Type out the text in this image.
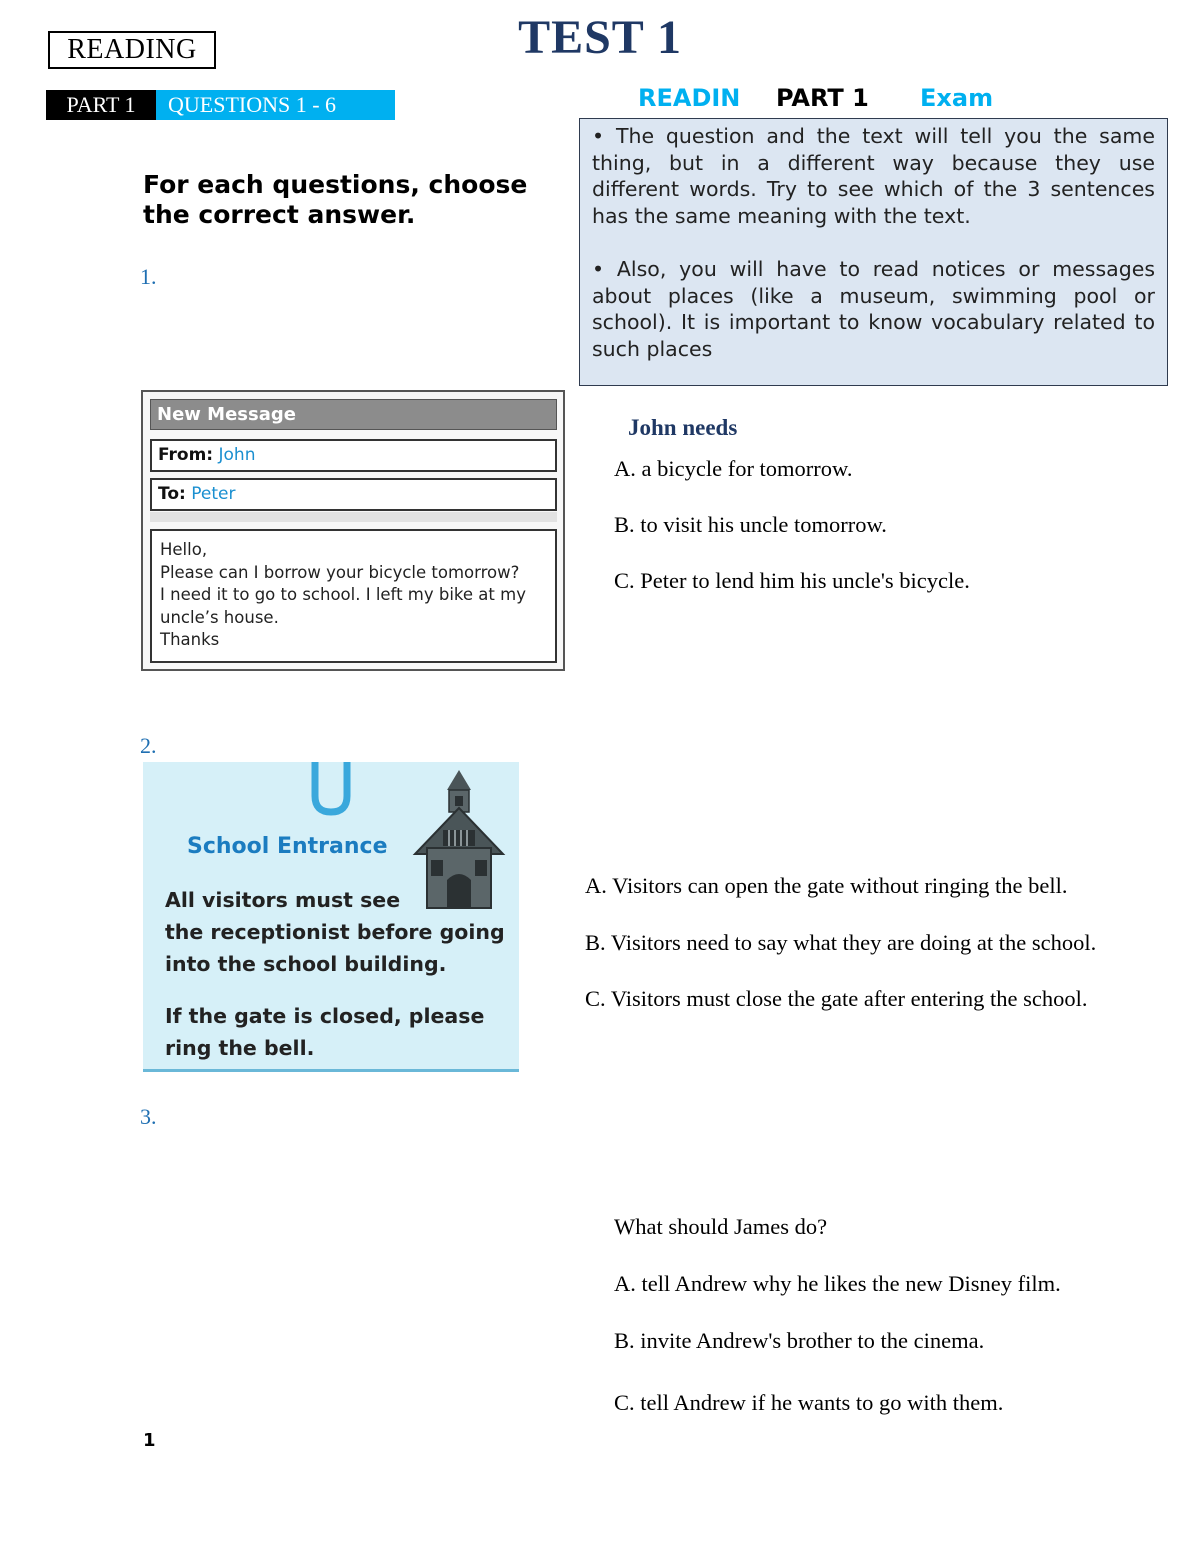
READING	TEST 1
PART 1	QUESTIONS 1 - 6	READIN PART 1 Exam

• The question and the text will tell you the same thing, but in a different way because they use different words. Try to see which of the 3 sentences has the same meaning with the text.

• Also, you will have to read notices or messages about places (like a museum, swimming pool or school). It is important to know vocabulary related to such places

For each questions, choose the correct answer.
1.
New Message
From: John
To: Peter
Hello,
Please can I borrow your bicycle tomorrow?
I need it to go to school. I left my bike at my
uncle’s house.
Thanks
John needs
A. a bicycle for tomorrow.
B. to visit his uncle tomorrow.
C. Peter to lend him his uncle's bicycle.
2.
School Entrance
All visitors must see
the receptionist before going
into the school building.
If the gate is closed, please
ring the bell.
A. Visitors can open the gate without ringing the bell.
B. Visitors need to say what they are doing at the school.
C. Visitors must close the gate after entering the school.
3.
What should James do?
A. tell Andrew why he likes the new Disney film.
B. invite Andrew's brother to the cinema.
C. tell Andrew if he wants to go with them.
1
